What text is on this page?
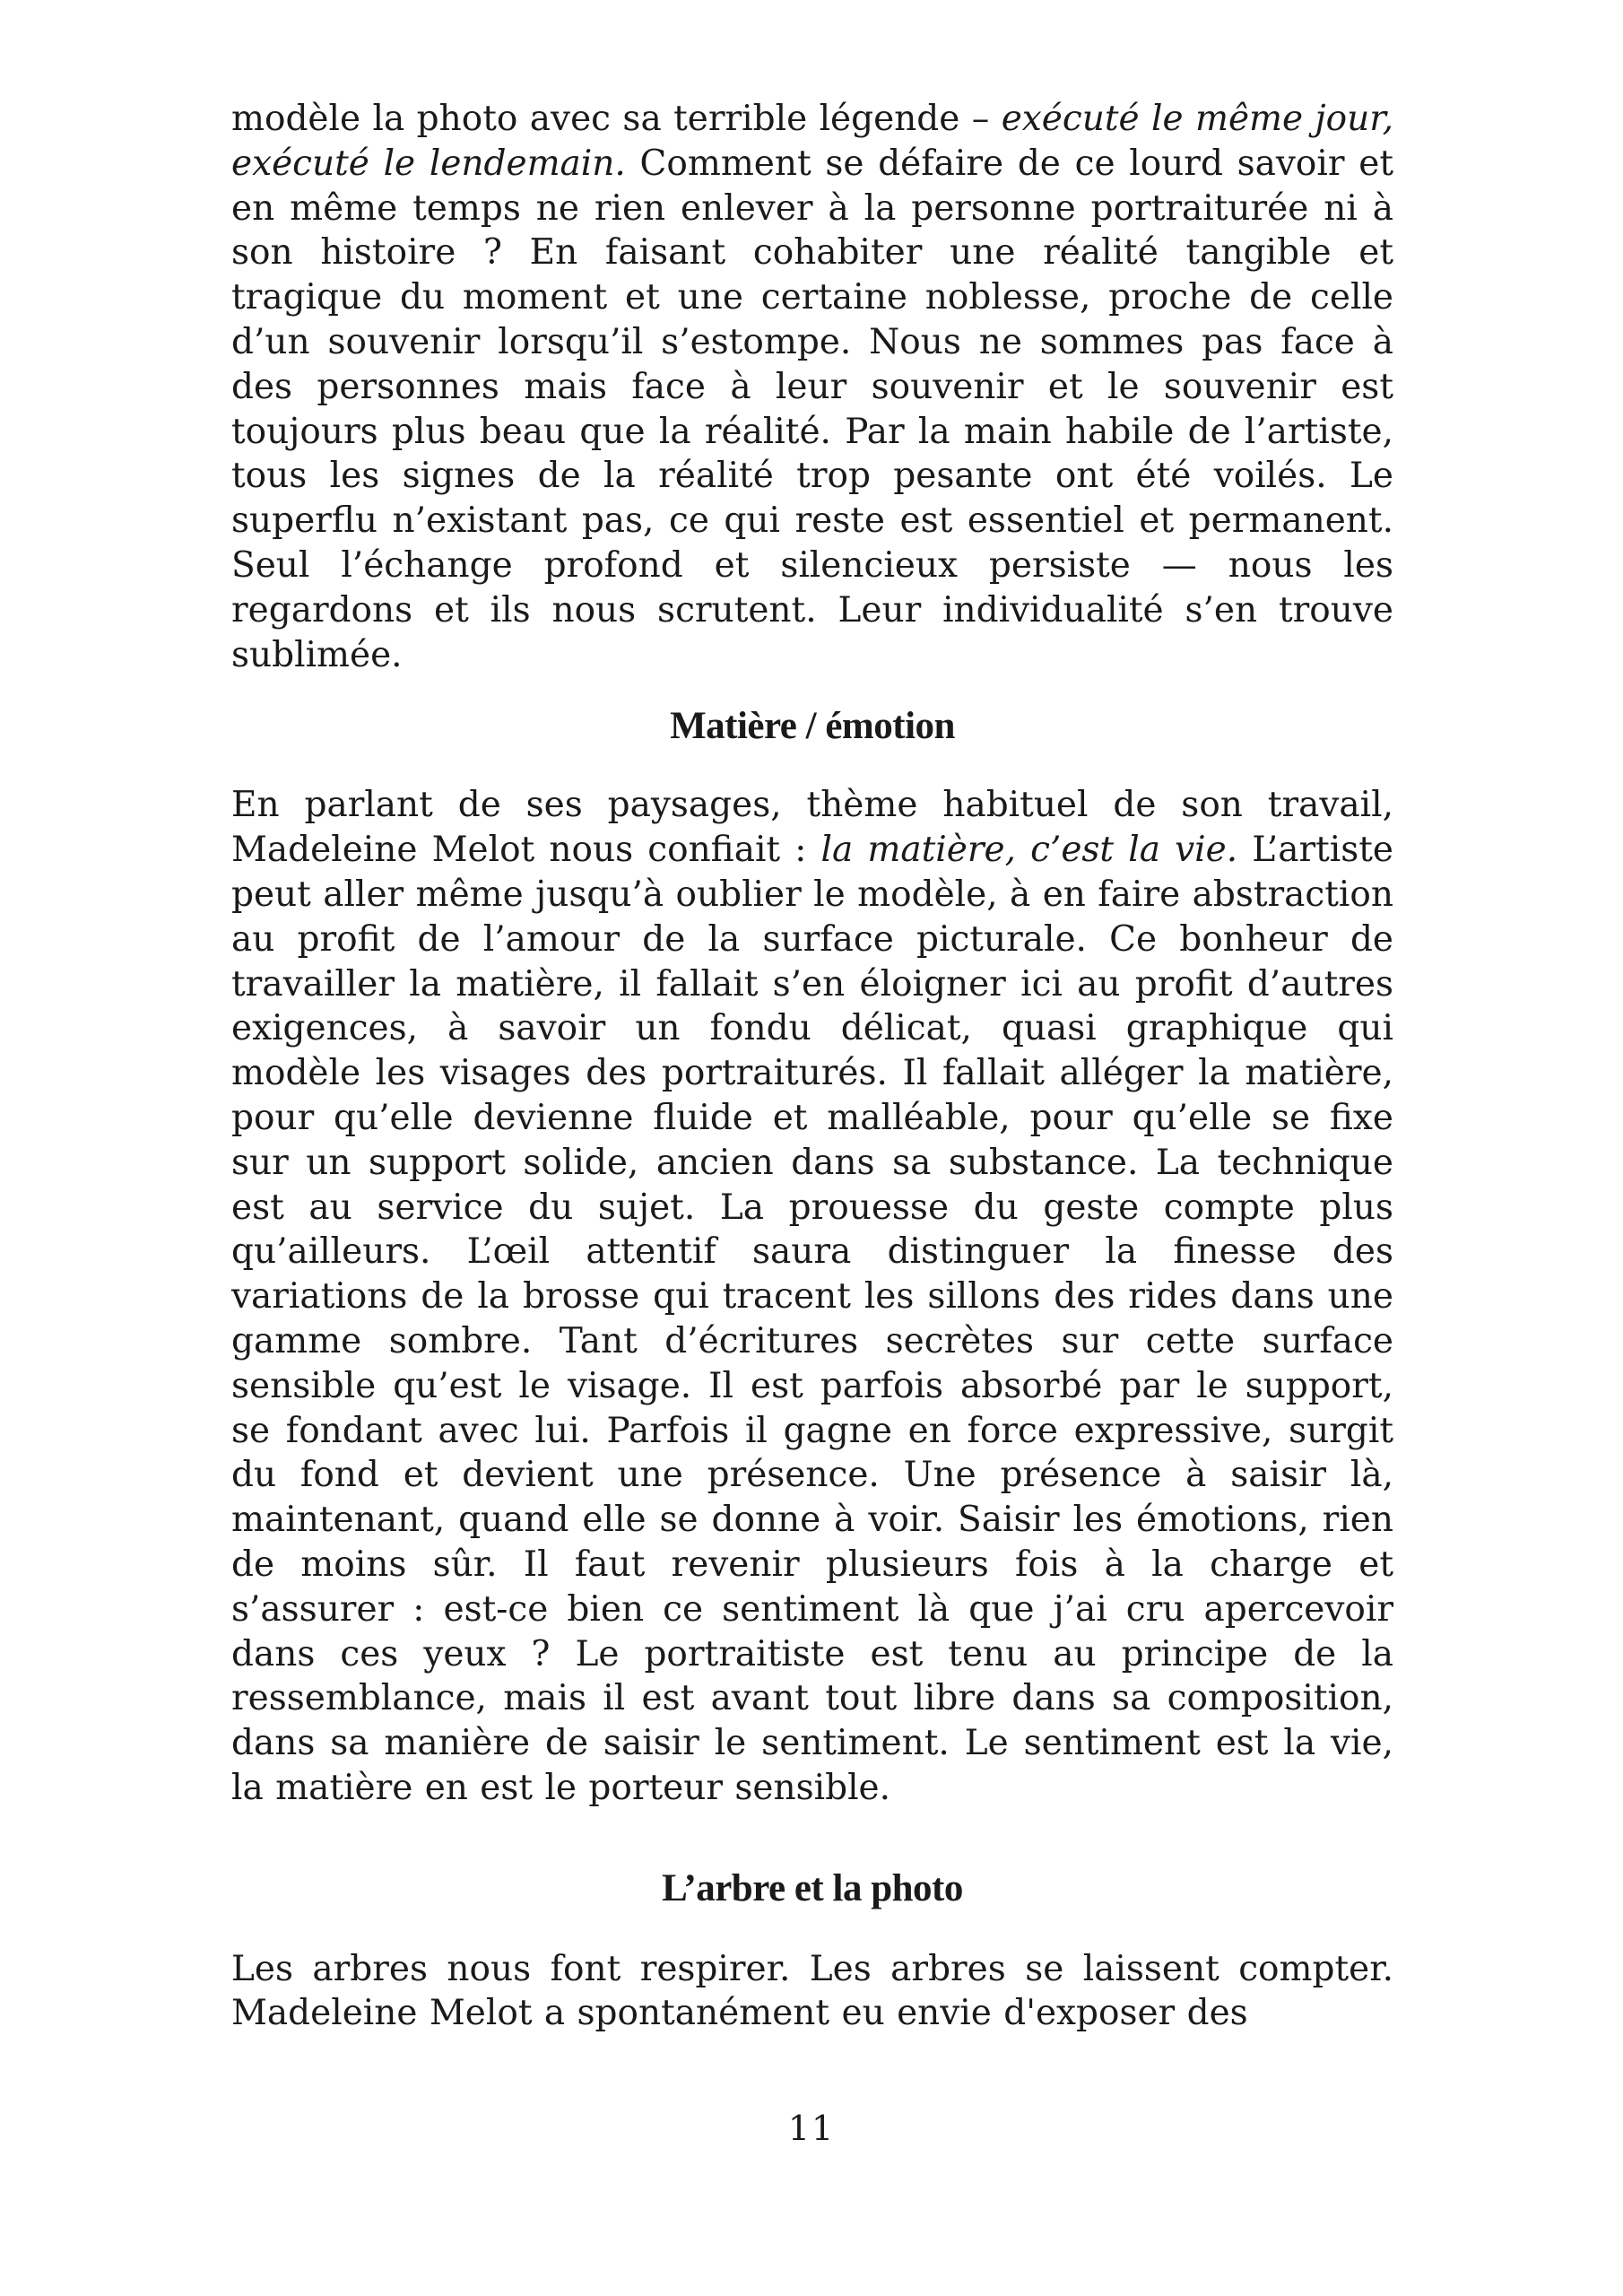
modèle la photo avec sa terrible légende – exécuté le même jour, exécuté le lendemain. Comment se défaire de ce lourd savoir et en même temps ne rien enlever à la personne portraiturée ni à son histoire ? En faisant cohabiter une réalité tangible et tragique du moment et une certaine noblesse, proche de celle d’un souvenir lorsqu’il s’estompe. Nous ne sommes pas face à des personnes mais face à leur souvenir et le souvenir est toujours plus beau que la réalité. Par la main habile de l’artiste, tous les signes de la réalité trop pesante ont été voilés. Le superflu n’existant pas, ce qui reste est essentiel et permanent. Seul l’échange profond et silencieux persiste — nous les regardons et ils nous scrutent. Leur individualité s’en trouve sublimée.

Matière / émotion

En parlant de ses paysages, thème habituel de son travail, Madeleine Melot nous confiait : la matière, c’est la vie. L’artiste peut aller même jusqu’à oublier le modèle, à en faire abstraction au profit de l’amour de la surface picturale. Ce bonheur de travailler la matière, il fallait s’en éloigner ici au profit d’autres exigences, à savoir un fondu délicat, quasi graphique qui modèle les visages des portraiturés. Il fallait alléger la matière, pour qu’elle devienne fluide et malléable, pour qu’elle se fixe sur un support solide, ancien dans sa substance. La technique est au service du sujet. La prouesse du geste compte plus qu’ailleurs. L’œil attentif saura distinguer la finesse des variations de la brosse qui tracent les sillons des rides dans une gamme sombre. Tant d’écritures secrètes sur cette surface sensible qu’est le visage. Il est parfois absorbé par le support, se fondant avec lui. Parfois il gagne en force expressive, surgit du fond et devient une présence. Une présence à saisir là, maintenant, quand elle se donne à voir. Saisir les émotions, rien de moins sûr. Il faut revenir plusieurs fois à la charge et s’assurer : est-ce bien ce sentiment là que j’ai cru apercevoir dans ces yeux ? Le portraitiste est tenu au principe de la ressemblance, mais il est avant tout libre dans sa composition, dans sa manière de saisir le sentiment. Le sentiment est la vie, la matière en est le porteur sensible.

L’arbre et la photo

Les arbres nous font respirer. Les arbres se laissent compter. Madeleine Melot a spontanément eu envie d'exposer des

11
